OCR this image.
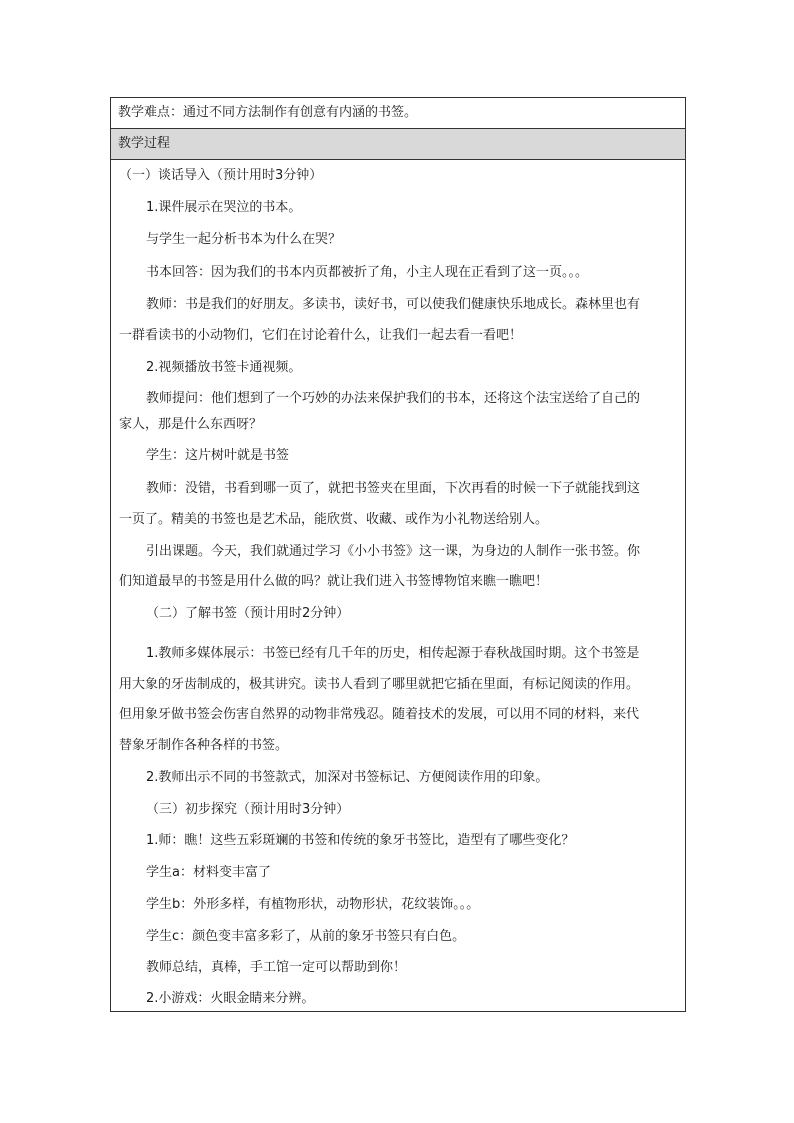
教学难点：通过不同方法制作有创意有内涵的书签。
教学过程
（一）谈话导入（预计用时3分钟）
1.课件展示在哭泣的书本。
与学生一起分析书本为什么在哭？
书本回答：因为我们的书本内页都被折了角，小主人现在正看到了这一页。。。
教师：书是我们的好朋友。多读书，读好书，可以使我们健康快乐地成长。森林里也有
一群看读书的小动物们，它们在讨论着什么，让我们一起去看一看吧！
2.视频播放书签卡通视频。
教师提问：他们想到了一个巧妙的办法来保护我们的书本，还将这个法宝送给了自己的
家人，那是什么东西呀？
学生：这片树叶就是书签
教师：没错，书看到哪一页了，就把书签夹在里面，下次再看的时候一下子就能找到这
一页了。精美的书签也是艺术品，能欣赏、收藏、或作为小礼物送给别人。
引出课题。今天，我们就通过学习《小小书签》这一课，为身边的人制作一张书签。你
们知道最早的书签是用什么做的吗？就让我们进入书签博物馆来瞧一瞧吧！
（二）了解书签（预计用时2分钟）
1.教师多媒体展示：书签已经有几千年的历史，相传起源于春秋战国时期。这个书签是
用大象的牙齿制成的，极其讲究。读书人看到了哪里就把它插在里面，有标记阅读的作用。
但用象牙做书签会伤害自然界的动物非常残忍。随着技术的发展，可以用不同的材料，来代
替象牙制作各种各样的书签。
2.教师出示不同的书签款式，加深对书签标记、方便阅读作用的印象。
（三）初步探究（预计用时3分钟）
1.师：瞧！这些五彩斑斓的书签和传统的象牙书签比，造型有了哪些变化？
学生a：材料变丰富了
学生b：外形多样，有植物形状，动物形状，花纹装饰。。。
学生c：颜色变丰富多彩了，从前的象牙书签只有白色。
教师总结，真棒，手工馆一定可以帮助到你！
2.小游戏：火眼金睛来分辨。
